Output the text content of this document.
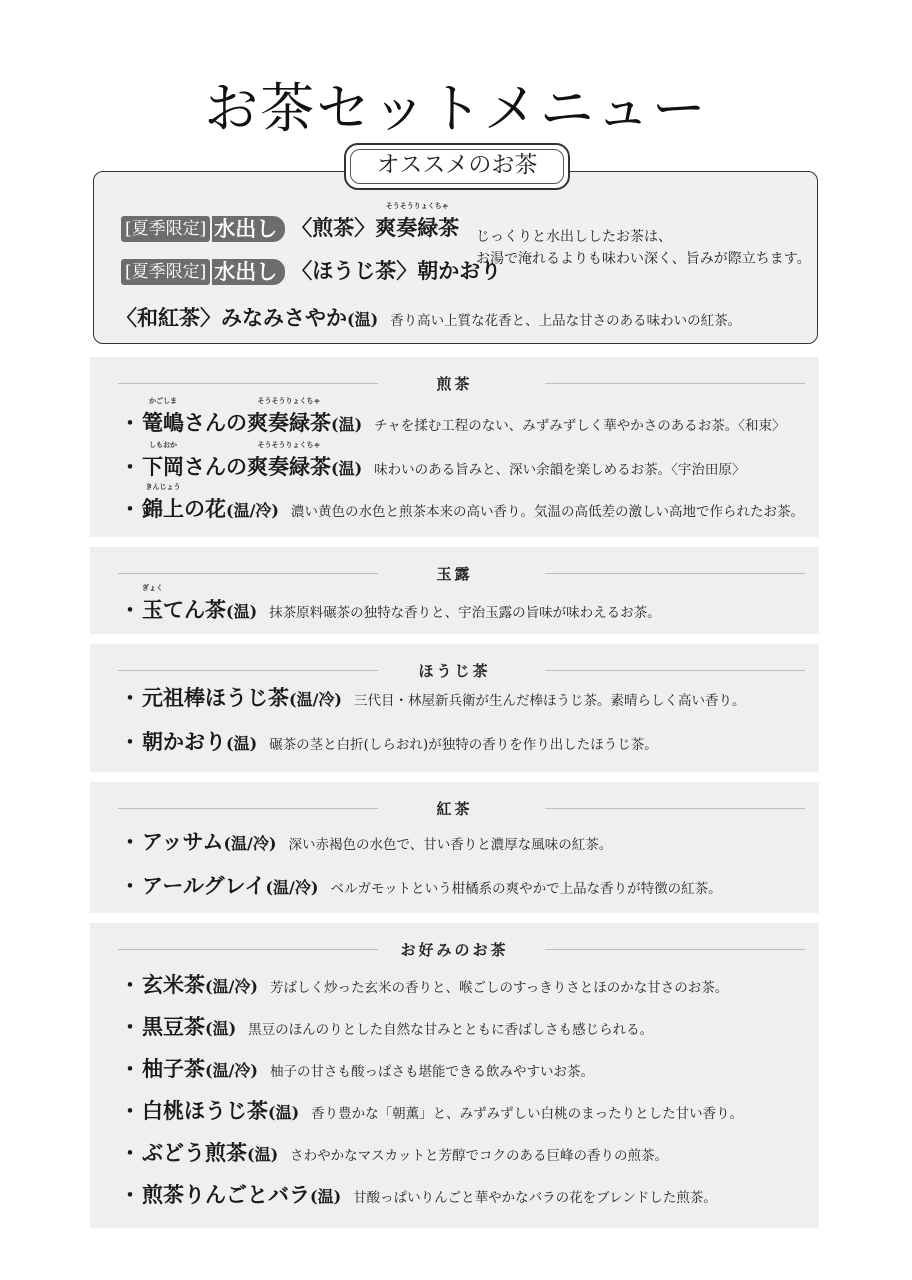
お茶セットメニュー
オススメのお茶
[夏季限定] 水出し 〈煎茶〉
そうそうりょくちゃ
爽奏緑茶
[夏季限定] 水出し 〈ほうじ茶〉朝かおり
じっくりと水出ししたお茶は、
お湯で淹れるよりも味わい深く、旨みが際立ちます。
〈和紅茶〉みなみさやか (温) 香り高い上質な花香と、上品な甘さのある味わいの紅茶。
煎茶
・
かごしま
篭嶋さんの
そうそうりょくちゃ
爽奏緑茶 (温) チャを揉む工程のない、みずみずしく華やかさのあるお茶。〈和束〉
・
しもおか
下岡さんの
そうそうりょくちゃ
爽奏緑茶 (温) 味わいのある旨みと、深い余韻を楽しめるお茶。〈宇治田原〉
・
きんじょう
錦上の花 (温/冷) 濃い黄色の水色と煎茶本来の高い香り。気温の高低差の激しい高地で作られたお茶。
玉露
・
ぎょく
玉てん茶 (温) 抹茶原料碾茶の独特な香りと、宇治玉露の旨味が味わえるお茶。
ほうじ茶
・ 元祖棒ほうじ茶 (温/冷) 三代目・林屋新兵衛が生んだ棒ほうじ茶。素晴らしく高い香り。
・ 朝かおり (温) 碾茶の茎と白折(しらおれ)が独特の香りを作り出したほうじ茶。
紅茶
・ アッサム (温/冷) 深い赤褐色の水色で、甘い香りと濃厚な風味の紅茶。
・ アールグレイ (温/冷) ベルガモットという柑橘系の爽やかで上品な香りが特徴の紅茶。
お好みのお茶
・ 玄米茶 (温/冷) 芳ばしく炒った玄米の香りと、喉ごしのすっきりさとほのかな甘さのお茶。
・ 黒豆茶 (温) 黒豆のほんのりとした自然な甘みとともに香ばしさも感じられる。
・ 柚子茶 (温/冷) 柚子の甘さも酸っぱさも堪能できる飲みやすいお茶。
・ 白桃ほうじ茶 (温) 香り豊かな「朝薫」と、みずみずしい白桃のまったりとした甘い香り。
・ ぶどう煎茶 (温) さわやかなマスカットと芳醇でコクのある巨峰の香りの煎茶。
・ 煎茶りんごとバラ (温) 甘酸っぱいりんごと華やかなバラの花をブレンドした煎茶。
